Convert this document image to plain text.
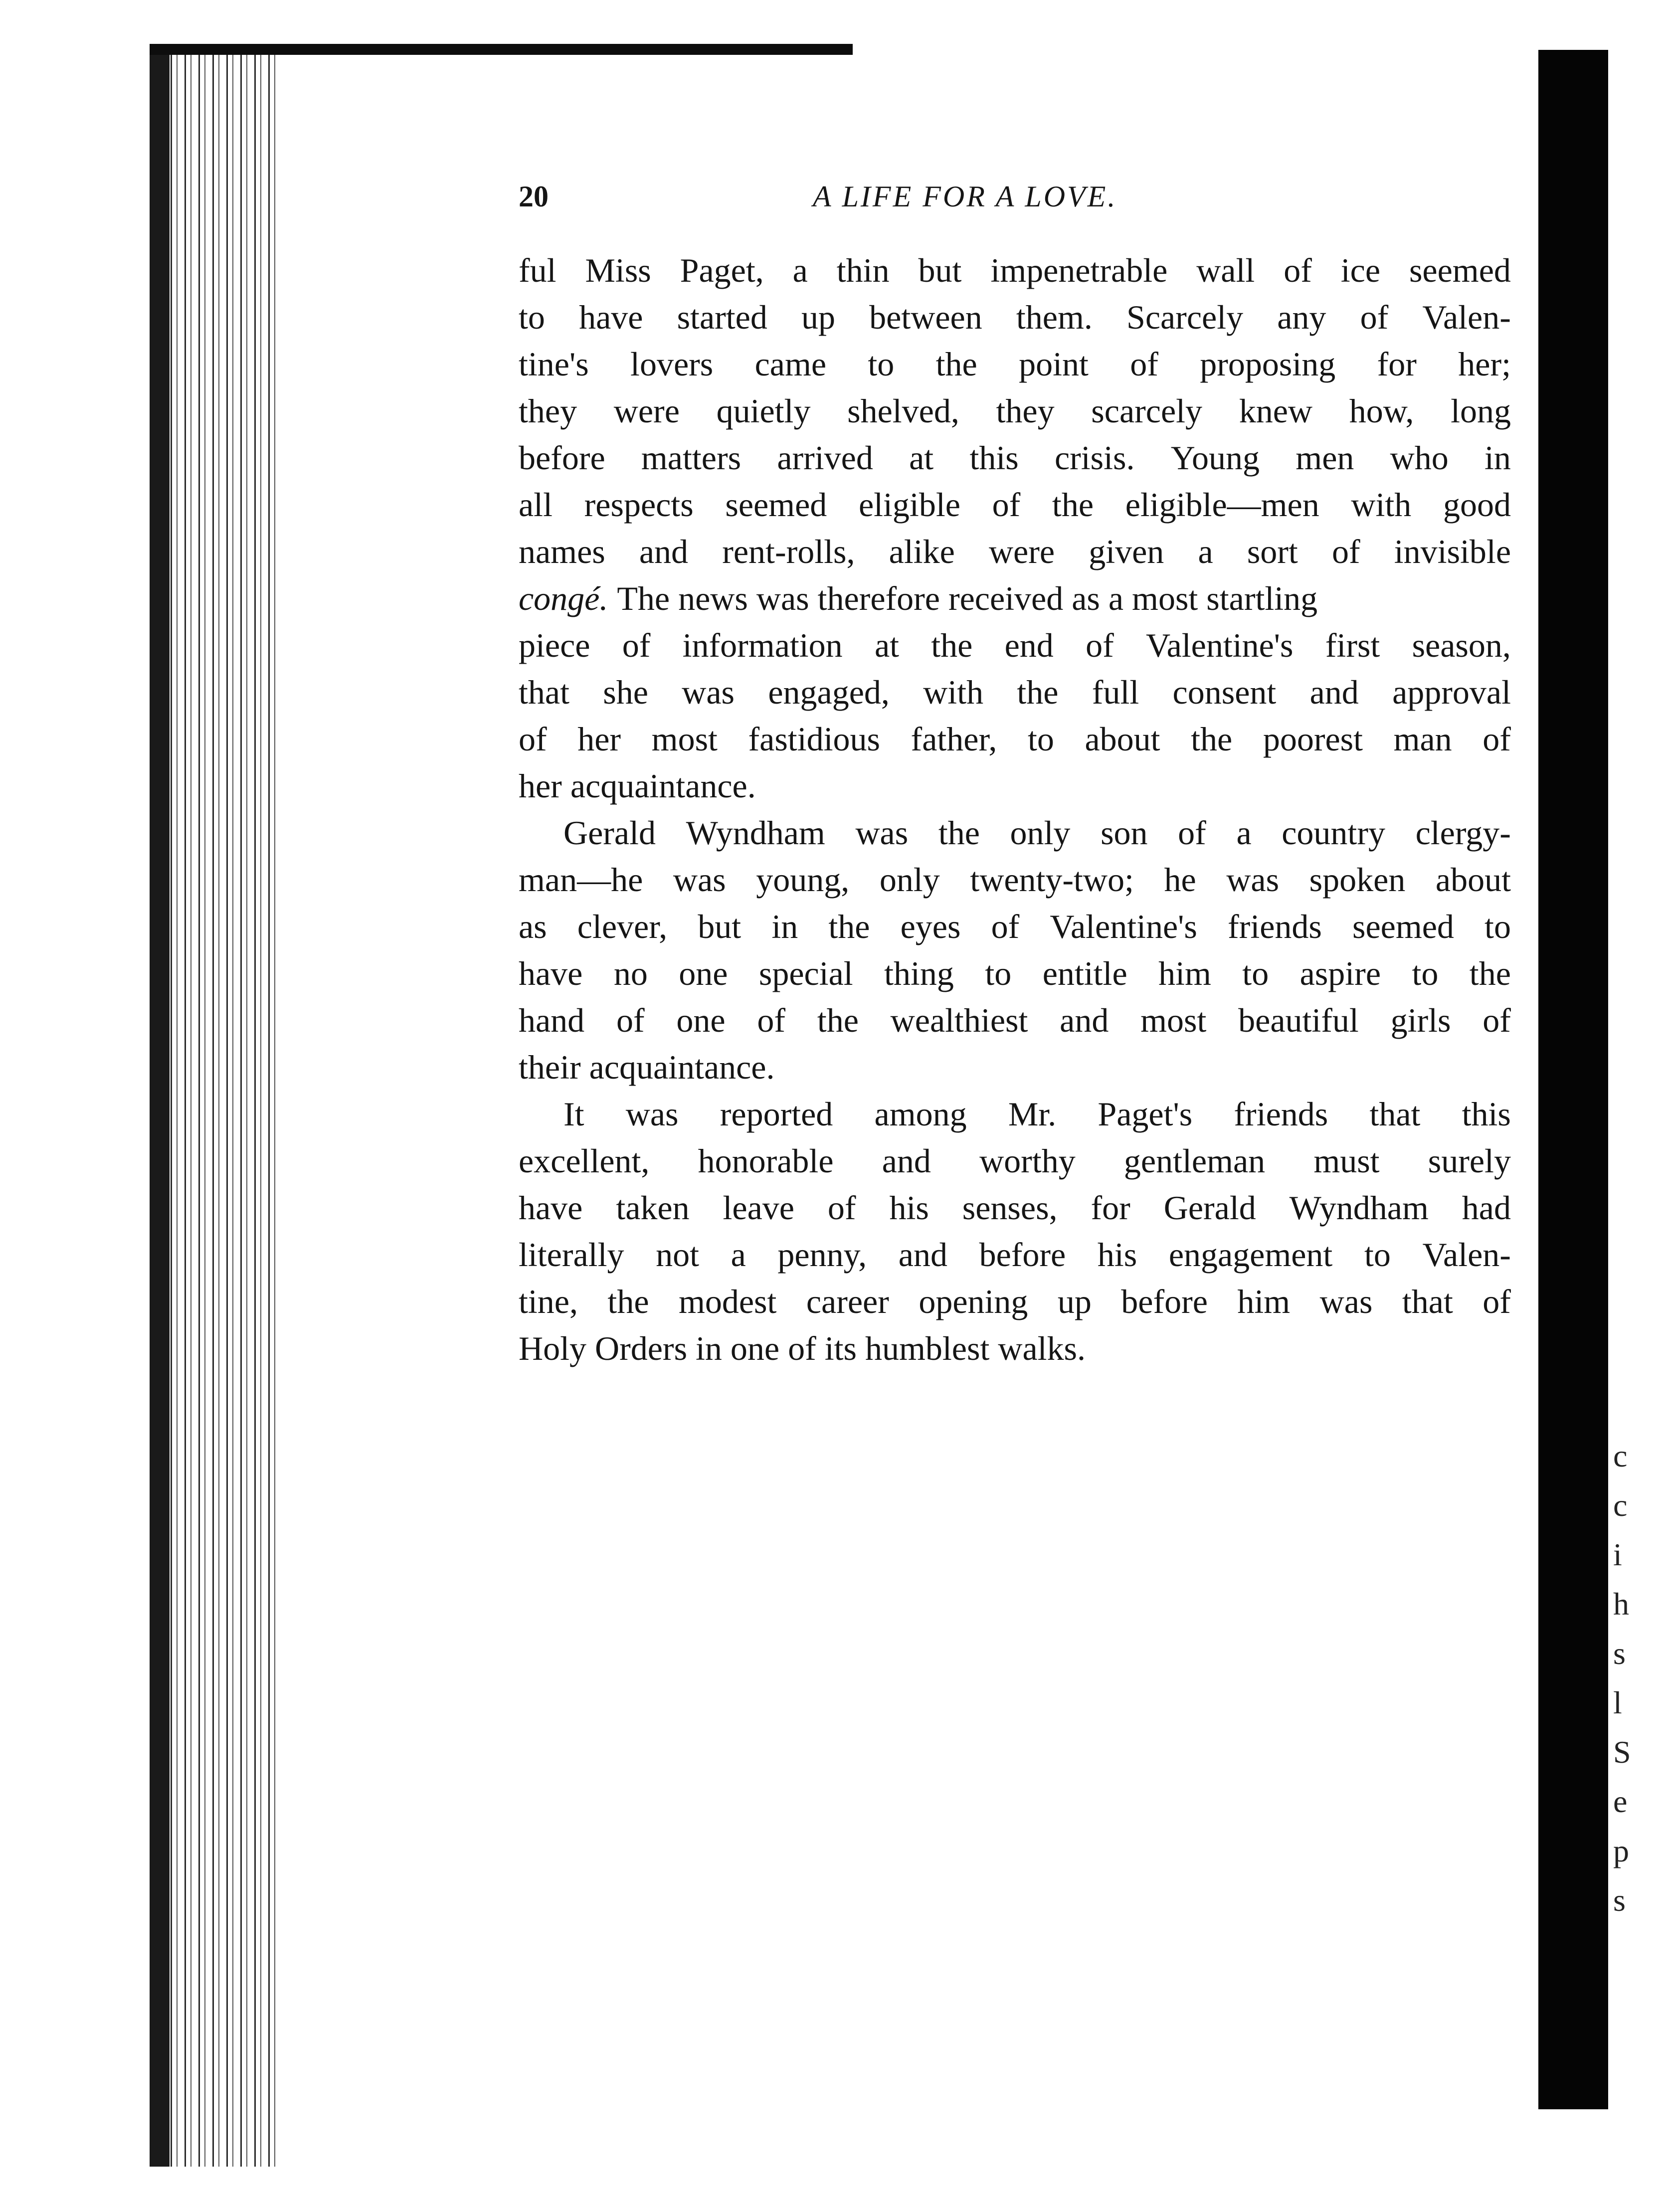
c
c
i
h
s
l
S
e
p
s
20	A LIFE FOR A LOVE.
ful Miss Paget, a thin but impenetrable wall of ice seemed
to have started up between them. Scarcely any of Valen-
tine's lovers came to the point of proposing for her;
they were quietly shelved, they scarcely knew how, long
before matters arrived at this crisis. Young men who in
all respects seemed eligible of the eligible—men with good
names and rent-rolls, alike were given a sort of invisible
congé. The news was therefore received as a most startling
piece of information at the end of Valentine's first season,
that she was engaged, with the full consent and approval
of her most fastidious father, to about the poorest man of
her acquaintance.
Gerald Wyndham was the only son of a country clergy-
man—he was young, only twenty-two; he was spoken about
as clever, but in the eyes of Valentine's friends seemed to
have no one special thing to entitle him to aspire to the
hand of one of the wealthiest and most beautiful girls of
their acquaintance.
It was reported among Mr. Paget's friends that this
excellent, honorable and worthy gentleman must surely
have taken leave of his senses, for Gerald Wyndham had
literally not a penny, and before his engagement to Valen-
tine, the modest career opening up before him was that of
Holy Orders in one of its humblest walks.
